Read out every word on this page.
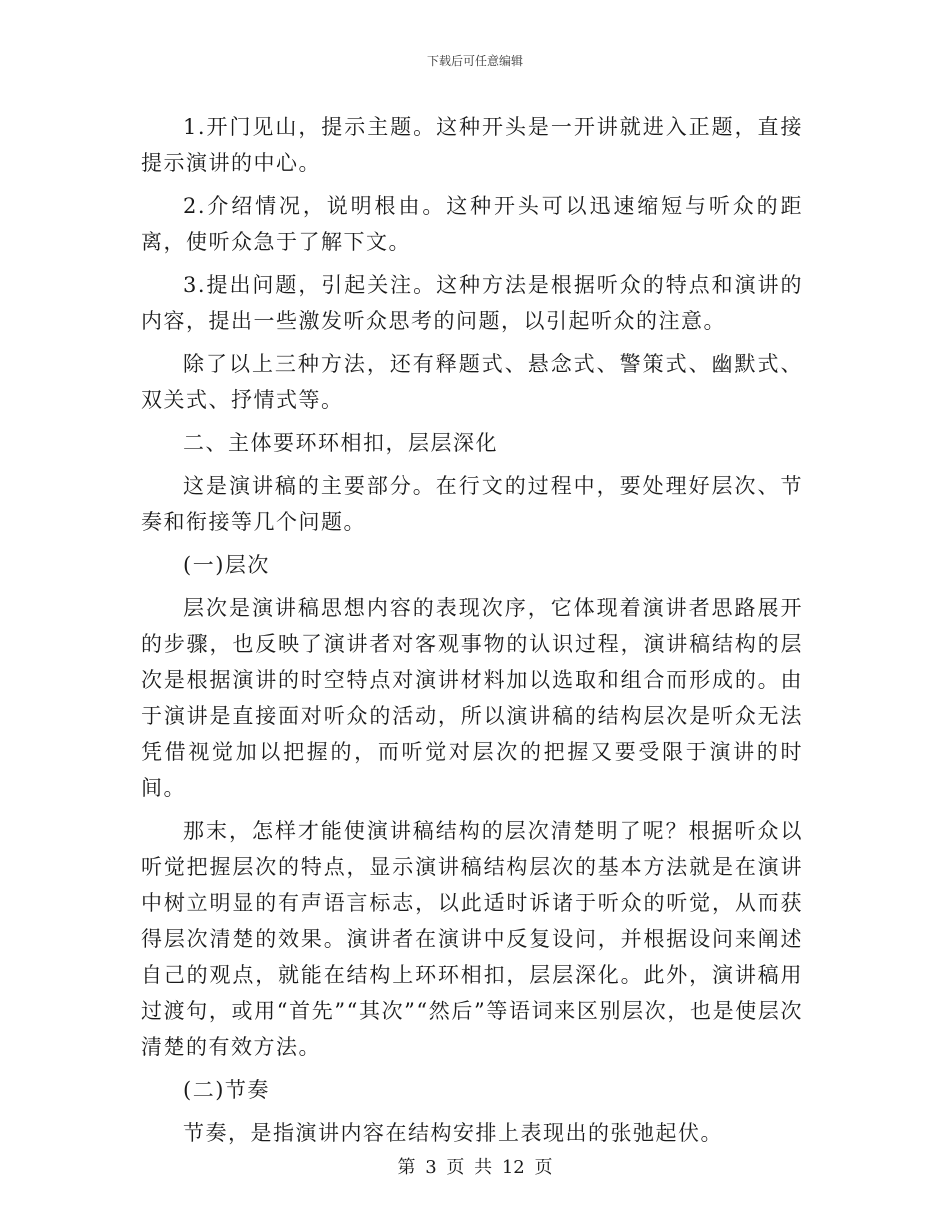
下载后可任意编辑

1.开门见山，提示主题。这种开头是一开讲就进入正题，直接提示演讲的中心。

2.介绍情况，说明根由。这种开头可以迅速缩短与听众的距离，使听众急于了解下文。

3.提出问题，引起关注。这种方法是根据听众的特点和演讲的内容，提出一些激发听众思考的问题，以引起听众的注意。

除了以上三种方法，还有释题式、悬念式、警策式、幽默式、双关式、抒情式等。

二、主体要环环相扣，层层深化

这是演讲稿的主要部分。在行文的过程中，要处理好层次、节奏和衔接等几个问题。

(一)层次

层次是演讲稿思想内容的表现次序，它体现着演讲者思路展开的步骤，也反映了演讲者对客观事物的认识过程，演讲稿结构的层次是根据演讲的时空特点对演讲材料加以选取和组合而形成的。由于演讲是直接面对听众的活动，所以演讲稿的结构层次是听众无法凭借视觉加以把握的，而听觉对层次的把握又要受限于演讲的时间。

那末，怎样才能使演讲稿结构的层次清楚明了呢？根据听众以听觉把握层次的特点，显示演讲稿结构层次的基本方法就是在演讲中树立明显的有声语言标志，以此适时诉诸于听众的听觉，从而获得层次清楚的效果。演讲者在演讲中反复设问，并根据设问来阐述自己的观点，就能在结构上环环相扣，层层深化。此外，演讲稿用过渡句，或用“首先”“其次”“然后”等语词来区别层次，也是使层次清楚的有效方法。

(二)节奏

节奏，是指演讲内容在结构安排上表现出的张弛起伏。

第 3 页 共 12 页
